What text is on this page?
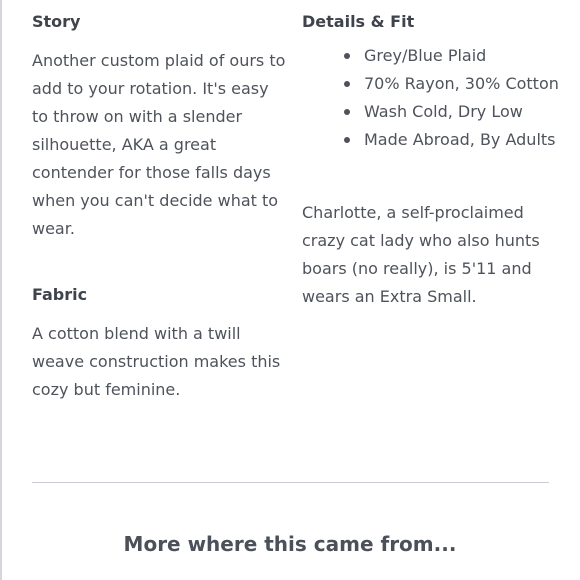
Story

Another custom plaid of ours to add to your rotation. It's easy to throw on with a slender silhouette, AKA a great contender for those falls days when you can't decide what to wear.

Fabric

A cotton blend with a twill weave construction makes this cozy but feminine.

Details & Fit
Grey/Blue Plaid
70% Rayon, 30% Cotton
Wash Cold, Dry Low
Made Abroad, By Adults

Charlotte, a self-proclaimed crazy cat lady who also hunts boars (no really), is 5'11 and wears an Extra Small.

More where this came from...
